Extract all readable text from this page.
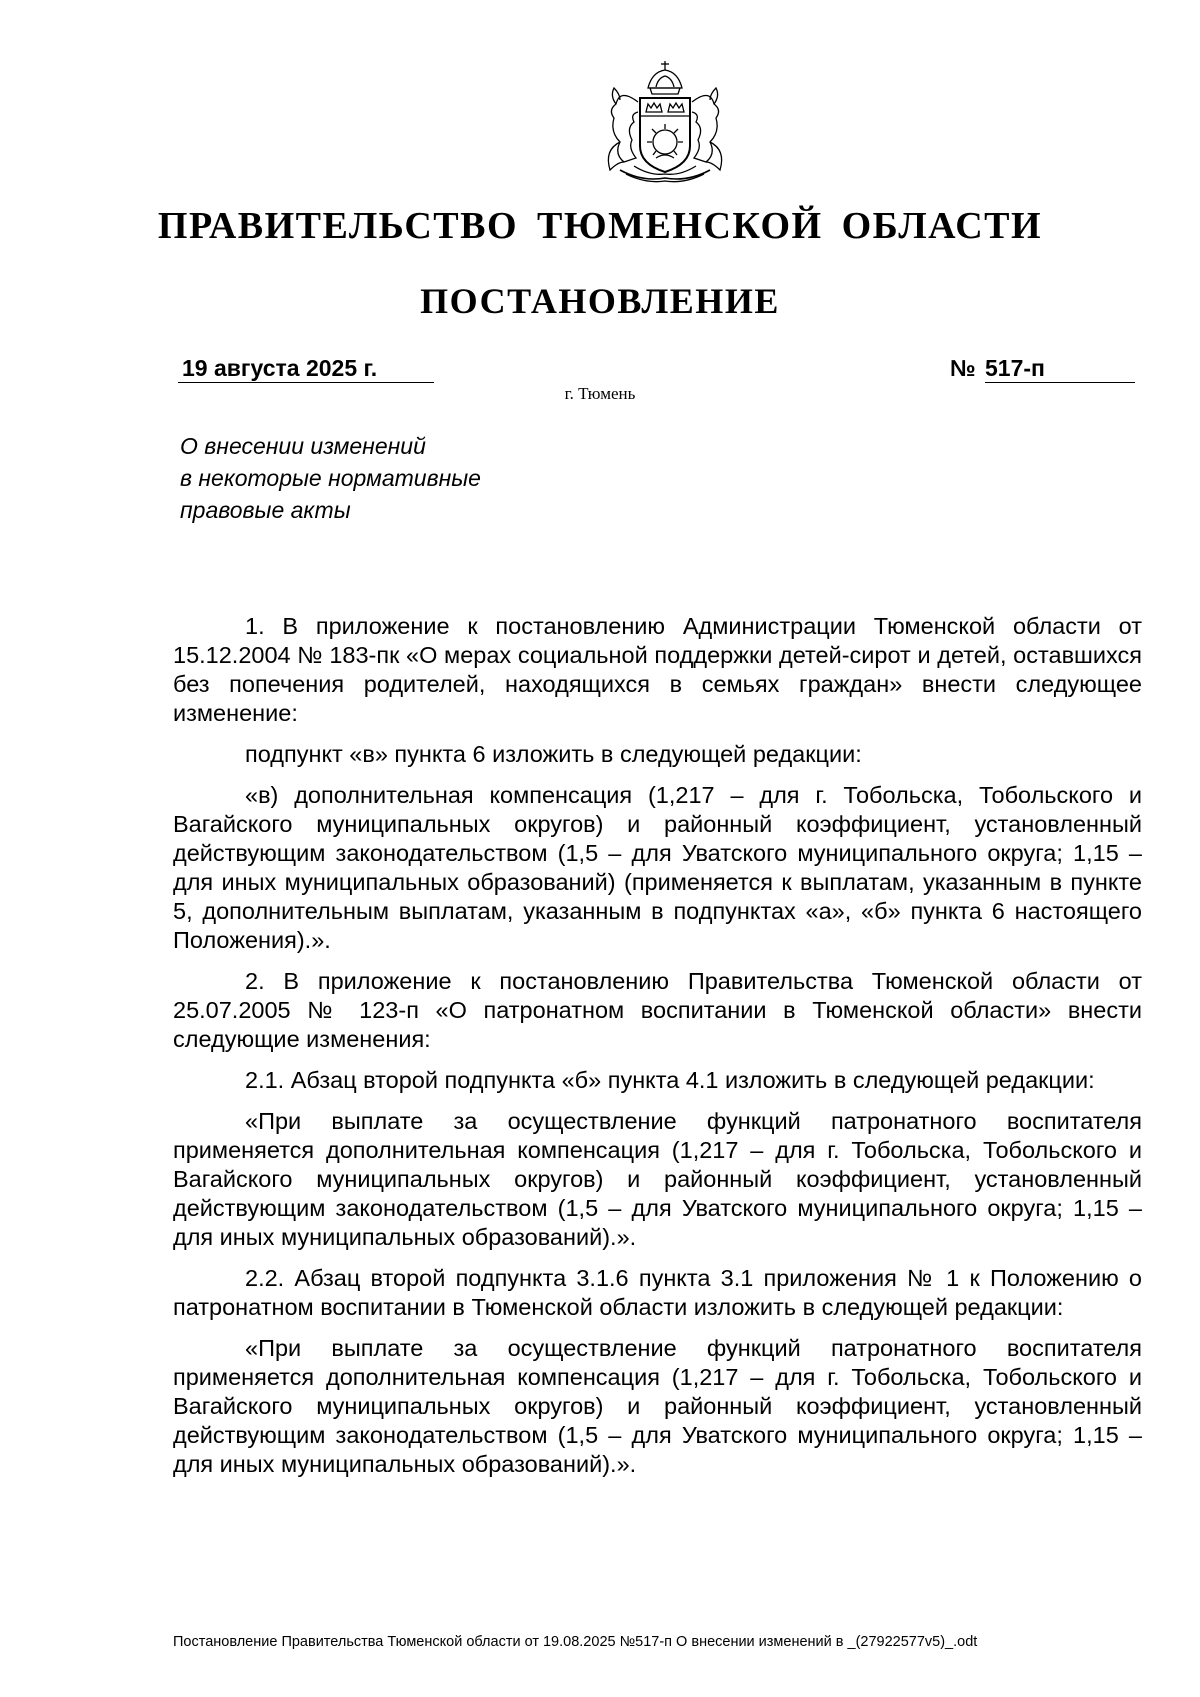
ПРАВИТЕЛЬСТВО ТЮМЕНСКОЙ ОБЛАСТИ
ПОСТАНОВЛЕНИЕ
19 августа 2025 г.	№ 517-п
г. Тюмень
О внесении изменений
в некоторые нормативные
правовые акты

1. В приложение к постановлению Администрации Тюменской области от 15.12.2004 № 183-пк «О мерах социальной поддержки детей-сирот и детей, оставшихся без попечения родителей, находящихся в семьях граждан» внести следующее изменение:

подпункт «в» пункта 6 изложить в следующей редакции:

«в) дополнительная компенсация (1,217 – для г. Тобольска, Тобольского и Вагайского муниципальных округов) и районный коэффициент, установленный действующим законодательством (1,5 – для Уватского муниципального округа; 1,15 – для иных муниципальных образований) (применяется к выплатам, указанным в пункте 5, дополнительным выплатам, указанным в подпунктах «а», «б» пункта 6 настоящего Положения).».

2. В приложение к постановлению Правительства Тюменской области от 25.07.2005 № 123-п «О патронатном воспитании в Тюменской области» внести следующие изменения:

2.1. Абзац второй подпункта «б» пункта 4.1 изложить в следующей редакции:

«При выплате за осуществление функций патронатного воспитателя применяется дополнительная компенсация (1,217 – для г. Тобольска, Тобольского и Вагайского муниципальных округов) и районный коэффициент, установленный действующим законодательством (1,5 – для Уватского муниципального округа; 1,15 – для иных муниципальных образований).».

2.2. Абзац второй подпункта 3.1.6 пункта 3.1 приложения № 1 к Положению о патронатном воспитании в Тюменской области изложить в следующей редакции:

«При выплате за осуществление функций патронатного воспитателя применяется дополнительная компенсация (1,217 – для г. Тобольска, Тобольского и Вагайского муниципальных округов) и районный коэффициент, установленный действующим законодательством (1,5 – для Уватского муниципального округа; 1,15 – для иных муниципальных образований).».

Постановление Правительства Тюменской области от 19.08.2025 №517-п О внесении изменений в _(27922577v5)_.odt
